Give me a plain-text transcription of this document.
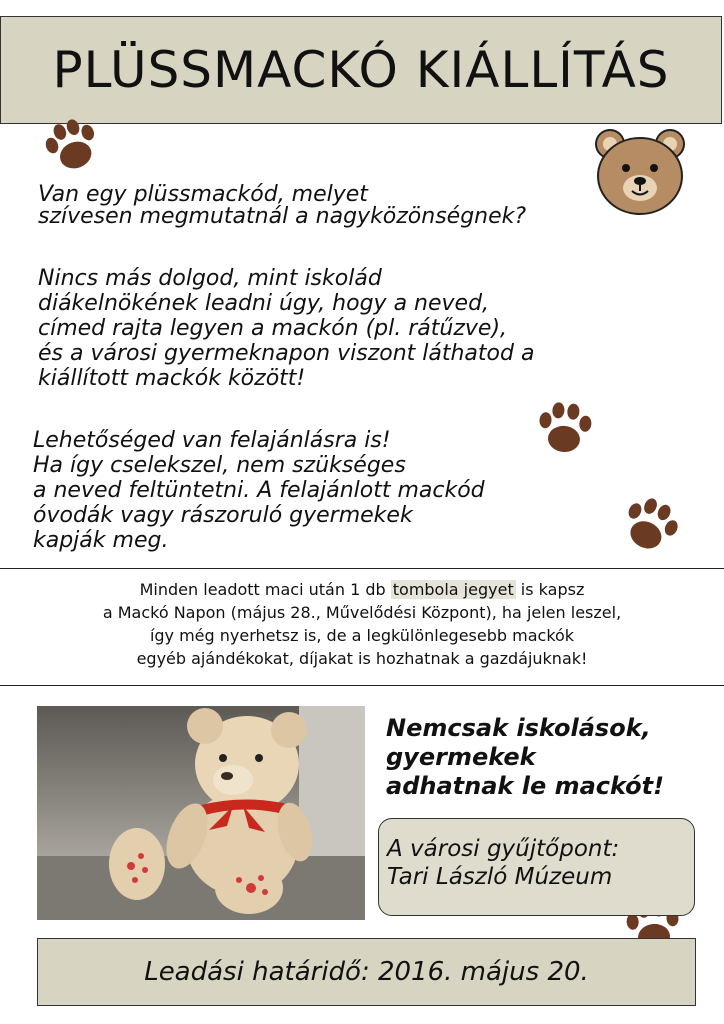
PLÜSSMACKÓ KIÁLLÍTÁS

Van egy plüssmackód, melyet
szívesen megmutatnál a nagyközönségnek?

Nincs más dolgod, mint iskolád
diákelnökének leadni úgy, hogy a neved,
címed rajta legyen a mackón (pl. rátűzve),
és a városi gyermeknapon viszont láthatod a
kiállított mackók között!

Lehetőséged van felajánlásra is!
Ha így cselekszel, nem szükséges
a neved feltüntetni. A felajánlott mackód
óvodák vagy rászoruló gyermekek
kapják meg.

Minden leadott maci után 1 db tombola jegyet is kapsz
a Mackó Napon (május 28., Művelődési Központ), ha jelen leszel,
így még nyerhetsz is, de a legkülönlegesebb mackók
egyéb ajándékokat, díjakat is hozhatnak a gazdájuknak!

Nemcsak iskolások,
gyermekek
adhatnak le mackót!

A városi gyűjtőpont:
Tari László Múzeum
Leadási határidő: 2016. május 20.
